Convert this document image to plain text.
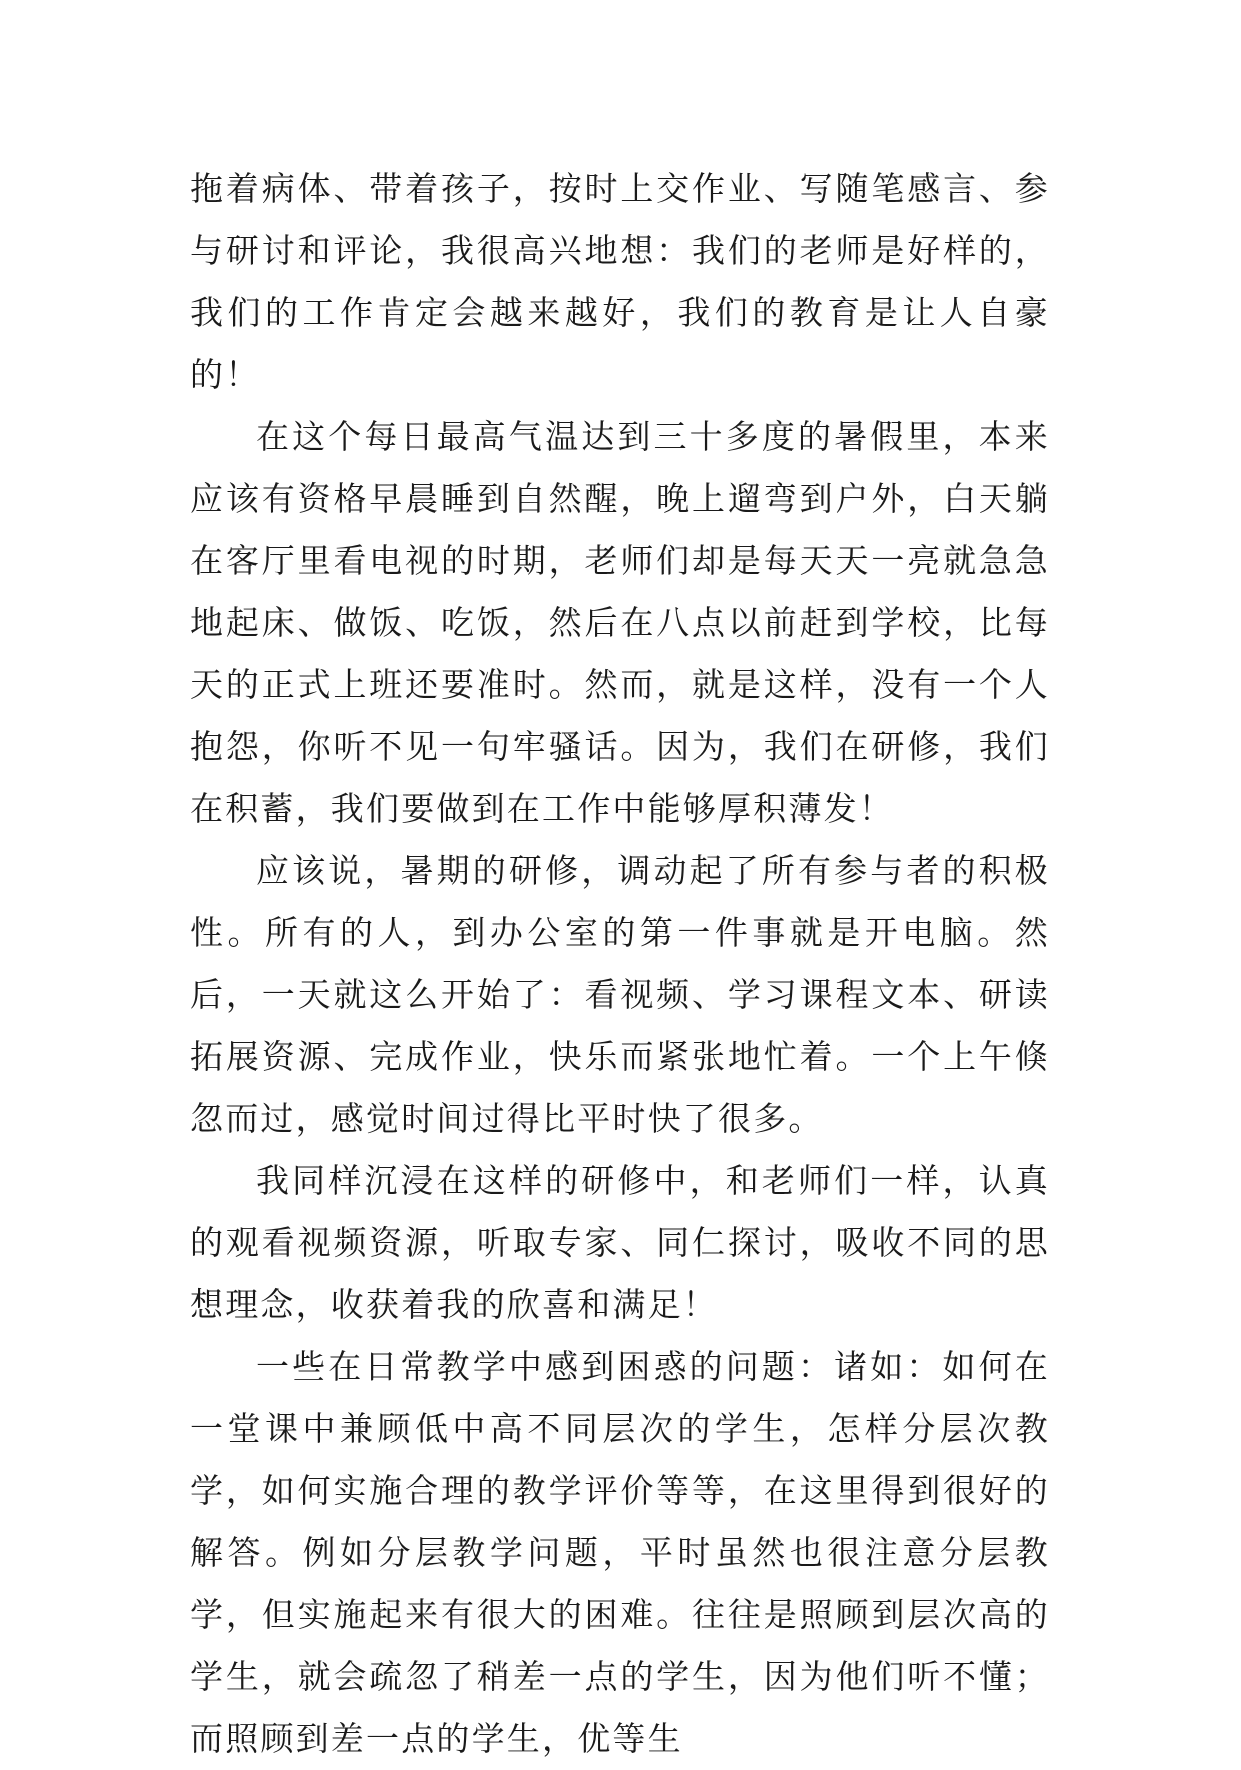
拖着病体、带着孩子，按时上交作业、写随笔感言、参与研讨和评论，我很高兴地想：我们的老师是好样的，我们的工作肯定会越来越好，我们的教育是让人自豪的！

在这个每日最高气温达到三十多度的暑假里，本来应该有资格早晨睡到自然醒，晚上遛弯到户外，白天躺在客厅里看电视的时期，老师们却是每天天一亮就急急地起床、做饭、吃饭，然后在八点以前赶到学校，比每天的正式上班还要准时。然而，就是这样，没有一个人抱怨，你听不见一句牢骚话。因为，我们在研修，我们在积蓄，我们要做到在工作中能够厚积薄发！

应该说，暑期的研修，调动起了所有参与者的积极性。所有的人，到办公室的第一件事就是开电脑。然后，一天就这么开始了：看视频、学习课程文本、研读拓展资源、完成作业，快乐而紧张地忙着。一个上午倏忽而过，感觉时间过得比平时快了很多。

我同样沉浸在这样的研修中，和老师们一样，认真的观看视频资源，听取专家、同仁探讨，吸收不同的思想理念，收获着我的欣喜和满足！

一些在日常教学中感到困惑的问题：诸如：如何在一堂课中兼顾低中高不同层次的学生，怎样分层次教学，如何实施合理的教学评价等等，在这里得到很好的解答。例如分层教学问题，平时虽然也很注意分层教学，但实施起来有很大的困难。往往是照顾到层次高的学生，就会疏忽了稍差一点的学生，因为他们听不懂；而照顾到差一点的学生，优等生
